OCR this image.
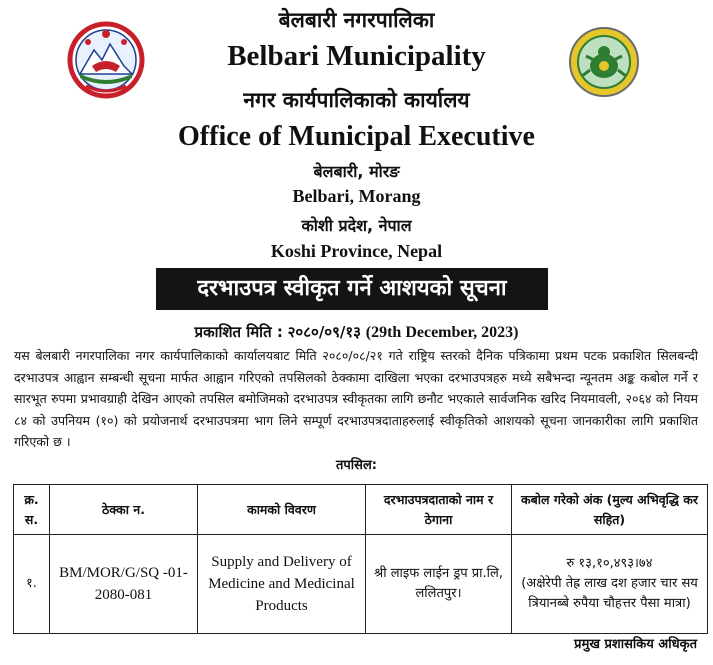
बेलबारी नगरपालिका
Belbari Municipality
नगर कार्यपालिकाको कार्यालय
Office of Municipal Executive
बेलबारी, मोरङ
Belbari, Morang
कोशी प्रदेश, नेपाल
Koshi Province, Nepal
दरभाउपत्र स्वीकृत गर्ने आशयको सूचना
प्रकाशित मिति : २०८०/०९/१३ (29th December, 2023)
यस बेलबारी नगरपालिका नगर कार्यपालिकाको कार्यालयबाट मिति २०८०/०८/२१ गते राष्ट्रिय स्तरको दैनिक पत्रिकामा प्रथम पटक प्रकाशित सिलबन्दी दरभाउपत्र आह्वान सम्बन्धी सूचना मार्फत आह्वान गरिएको तपसिलको ठेक्कामा दाखिला भएका दरभाउपत्रहरु मध्ये सबैभन्दा न्यूनतम अङ्क कबोल गर्ने र सारभूत रुपमा प्रभावग्राही देखिन आएको तपसिल बमोजिमको दरभाउपत्र स्वीकृतका लागि छनौट भएकाले सार्वजनिक खरिद नियमावली, २०६४ को नियम ८४ को उपनियम (१०) को प्रयोजनार्थ दरभाउपत्रमा भाग लिने सम्पूर्ण दरभाउपत्रदाताहरुलाई स्वीकृतिको आशयको सूचना जानकारीका लागि प्रकाशित गरिएको छ ।
तपसिल:
क्र. स.	ठेक्का न.	कामको विवरण	दरभाउपत्रदाताको नाम र ठेगाना	कबोल गरेको अंक (मुल्य अभिवृद्धि कर सहित)
१.	BM/MOR/G/SQ -01-2080-081	Supply and Delivery of Medicine and Medicinal Products	श्री लाइफ लाईन ड्रप प्रा.लि, ललितपुर।	रु १३,१०,४९३।७४
(अक्षेरेपी तेह्र लाख दश हजार चार सय त्रियानब्बे रुपैया चौहत्तर पैसा मात्रा)
प्रमुख प्रशासकिय अधिकृत
